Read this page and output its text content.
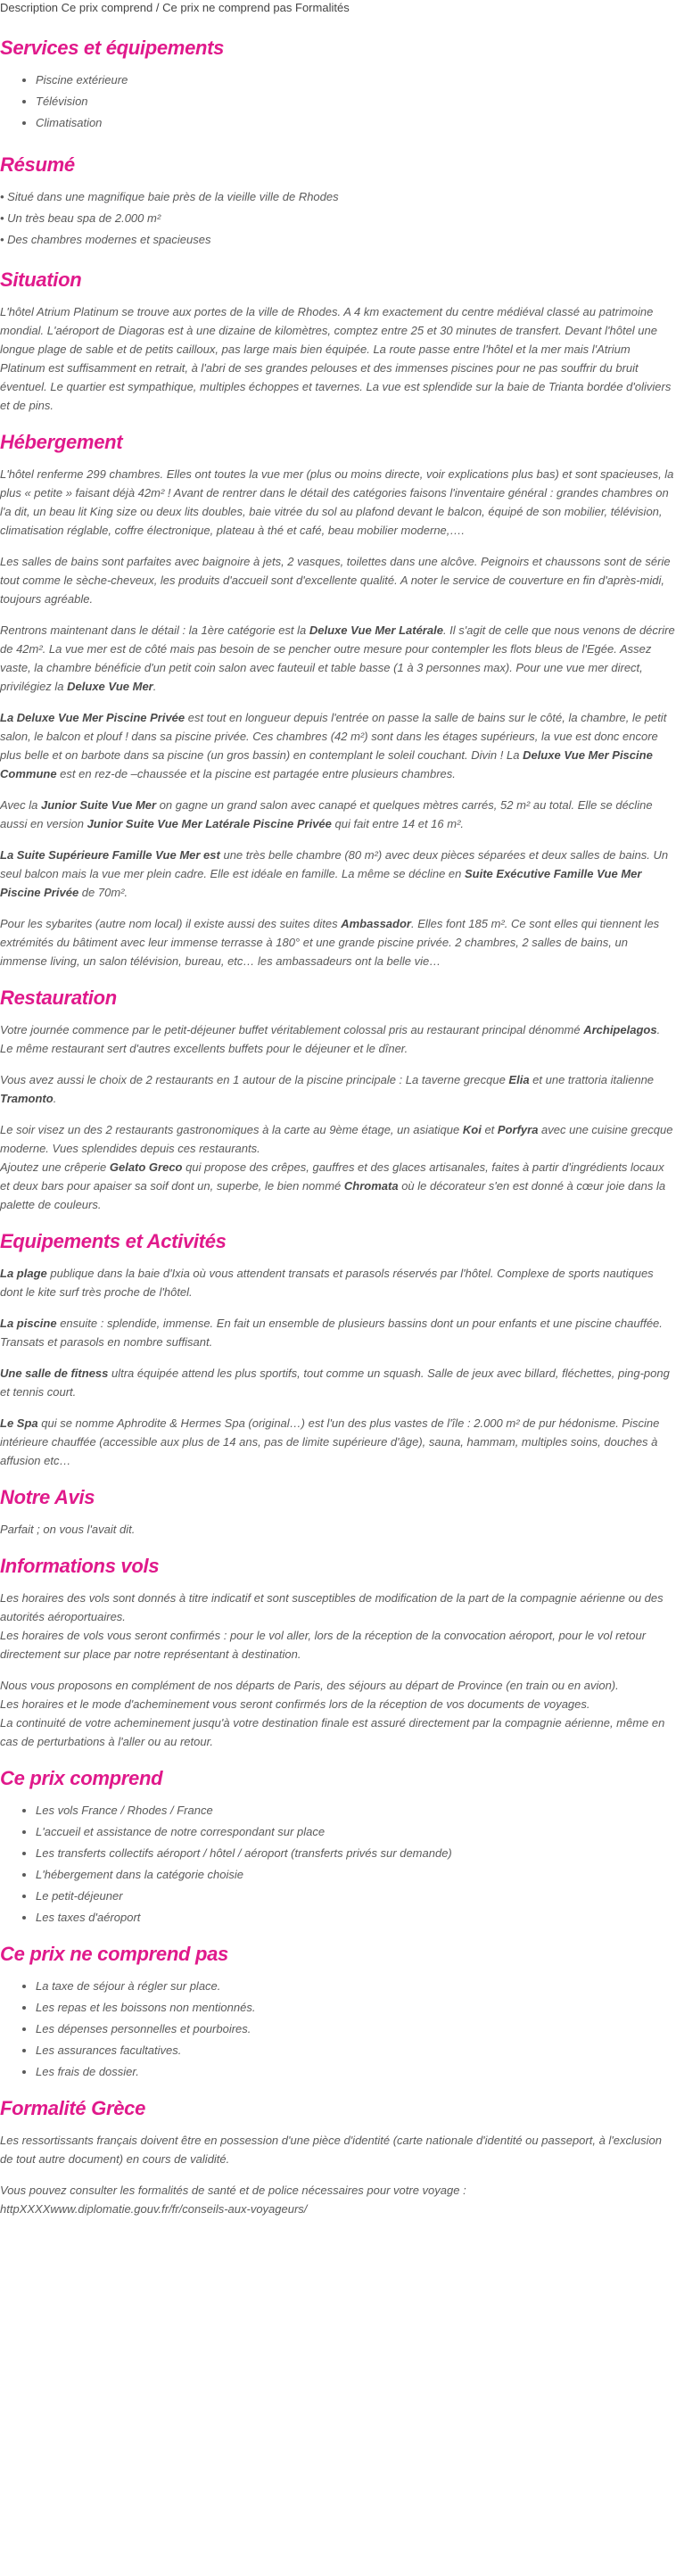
Description Ce prix comprend / Ce prix ne comprend pas Formalités
Services et équipements
• Piscine extérieure
• Télévision
• Climatisation
Résumé

• Situé dans une magnifique baie près de la vieille ville de Rhodes

• Un très beau spa de 2.000 m²

• Des chambres modernes et spacieuses

Situation

L'hôtel Atrium Platinum se trouve aux portes de la ville de Rhodes. A 4 km exactement du centre médiéval classé au patrimoine mondial. L'aéroport de Diagoras est à une dizaine de kilomètres, comptez entre 25 et 30 minutes de transfert. Devant l'hôtel une longue plage de sable et de petits cailloux, pas large mais bien équipée. La route passe entre l'hôtel et la mer mais l'Atrium Platinum est suffisamment en retrait, à l'abri de ses grandes pelouses et des immenses piscines pour ne pas souffrir du bruit éventuel. Le quartier est sympathique, multiples échoppes et tavernes. La vue est splendide sur la baie de Trianta bordée d'oliviers et de pins.

Hébergement

L'hôtel renferme 299 chambres. Elles ont toutes la vue mer (plus ou moins directe, voir explications plus bas) et sont spacieuses, la plus « petite » faisant déjà 42m² ! Avant de rentrer dans le détail des catégories faisons l'inventaire général : grandes chambres on l'a dit, un beau lit King size ou deux lits doubles, baie vitrée du sol au plafond devant le balcon, équipé de son mobilier, télévision, climatisation réglable, coffre électronique, plateau à thé et café, beau mobilier moderne,….

Les salles de bains sont parfaites avec baignoire à jets, 2 vasques, toilettes dans une alcôve. Peignoirs et chaussons sont de série tout comme le sèche-cheveux, les produits d'accueil sont d'excellente qualité. A noter le service de couverture en fin d'après-midi, toujours agréable.

Rentrons maintenant dans le détail : la 1ère catégorie est la Deluxe Vue Mer Latérale. Il s'agit de celle que nous venons de décrire de 42m². La vue mer est de côté mais pas besoin de se pencher outre mesure pour contempler les flots bleus de l'Egée. Assez vaste, la chambre bénéficie d'un petit coin salon avec fauteuil et table basse (1 à 3 personnes max). Pour une vue mer direct, privilégiez la Deluxe Vue Mer.

La Deluxe Vue Mer Piscine Privée est tout en longueur depuis l'entrée on passe la salle de bains sur le côté, la chambre, le petit salon, le balcon et plouf ! dans sa piscine privée. Ces chambres (42 m²) sont dans les étages supérieurs, la vue est donc encore plus belle et on barbote dans sa piscine (un gros bassin) en contemplant le soleil couchant. Divin ! La Deluxe Vue Mer Piscine Commune est en rez-de –chaussée et la piscine est partagée entre plusieurs chambres.

Avec la Junior Suite Vue Mer on gagne un grand salon avec canapé et quelques mètres carrés, 52 m² au total. Elle se décline aussi en version Junior Suite Vue Mer Latérale Piscine Privée qui fait entre 14 et 16 m².

La Suite Supérieure Famille Vue Mer est une très belle chambre (80 m²) avec deux pièces séparées et deux salles de bains. Un seul balcon mais la vue mer plein cadre. Elle est idéale en famille. La même se décline en Suite Exécutive Famille Vue Mer Piscine Privée de 70m².

Pour les sybarites (autre nom local) il existe aussi des suites dites Ambassador. Elles font 185 m². Ce sont elles qui tiennent les extrémités du bâtiment avec leur immense terrasse à 180° et une grande piscine privée. 2 chambres, 2 salles de bains, un immense living, un salon télévision, bureau, etc… les ambassadeurs ont la belle vie…

Restauration

Votre journée commence par le petit-déjeuner buffet véritablement colossal pris au restaurant principal dénommé Archipelagos. Le même restaurant sert d'autres excellents buffets pour le déjeuner et le dîner.

Vous avez aussi le choix de 2 restaurants en 1 autour de la piscine principale : La taverne grecque Elia et une trattoria italienne Tramonto.

Le soir visez un des 2 restaurants gastronomiques à la carte au 9ème étage, un asiatique Koi et Porfyra avec une cuisine grecque moderne. Vues splendides depuis ces restaurants.

Ajoutez une crêperie Gelato Greco qui propose des crêpes, gauffres et des glaces artisanales, faites à partir d'ingrédients locaux et deux bars pour apaiser sa soif dont un, superbe, le bien nommé Chromata où le décorateur s'en est donné à cœur joie dans la palette de couleurs.

Equipements et Activités

La plage publique dans la baie d'Ixia où vous attendent transats et parasols réservés par l'hôtel. Complexe de sports nautiques dont le kite surf très proche de l'hôtel.

La piscine ensuite : splendide, immense. En fait un ensemble de plusieurs bassins dont un pour enfants et une piscine chauffée. Transats et parasols en nombre suffisant.

Une salle de fitness ultra équipée attend les plus sportifs, tout comme un squash. Salle de jeux avec billard, fléchettes, ping-pong et tennis court.

Le Spa qui se nomme Aphrodite & Hermes Spa (original…) est l'un des plus vastes de l'île : 2.000 m² de pur hédonisme. Piscine intérieure chauffée (accessible aux plus de 14 ans, pas de limite supérieure d'âge), sauna, hammam, multiples soins, douches à affusion etc…

Notre Avis

Parfait ; on vous l'avait dit.

Informations vols

Les horaires des vols sont donnés à titre indicatif et sont susceptibles de modification de la part de la compagnie aérienne ou des autorités aéroportuaires.

Les horaires de vols vous seront confirmés : pour le vol aller, lors de la réception de la convocation aéroport, pour le vol retour directement sur place par notre représentant à destination.

Nous vous proposons en complément de nos départs de Paris, des séjours au départ de Province (en train ou en avion).

Les horaires et le mode d'acheminement vous seront confirmés lors de la réception de vos documents de voyages.

La continuité de votre acheminement jusqu'à votre destination finale est assuré directement par la compagnie aérienne, même en cas de perturbations à l'aller ou au retour.

Ce prix comprend
• Les vols France / Rhodes / France
• L'accueil et assistance de notre correspondant sur place
• Les transferts collectifs aéroport / hôtel / aéroport (transferts privés sur demande)
• L'hébergement dans la catégorie choisie
• Le petit-déjeuner
• Les taxes d'aéroport
Ce prix ne comprend pas
• La taxe de séjour à régler sur place.
• Les repas et les boissons non mentionnés.
• Les dépenses personnelles et pourboires.
• Les assurances facultatives.
• Les frais de dossier.
Formalité Grèce

Les ressortissants français doivent être en possession d'une pièce d'identité (carte nationale d'identité ou passeport, à l'exclusion de tout autre document) en cours de validité.

Vous pouvez consulter les formalités de santé et de police nécessaires pour votre voyage :

httpXXXXwww.diplomatie.gouv.fr/fr/conseils-aux-voyageurs/
